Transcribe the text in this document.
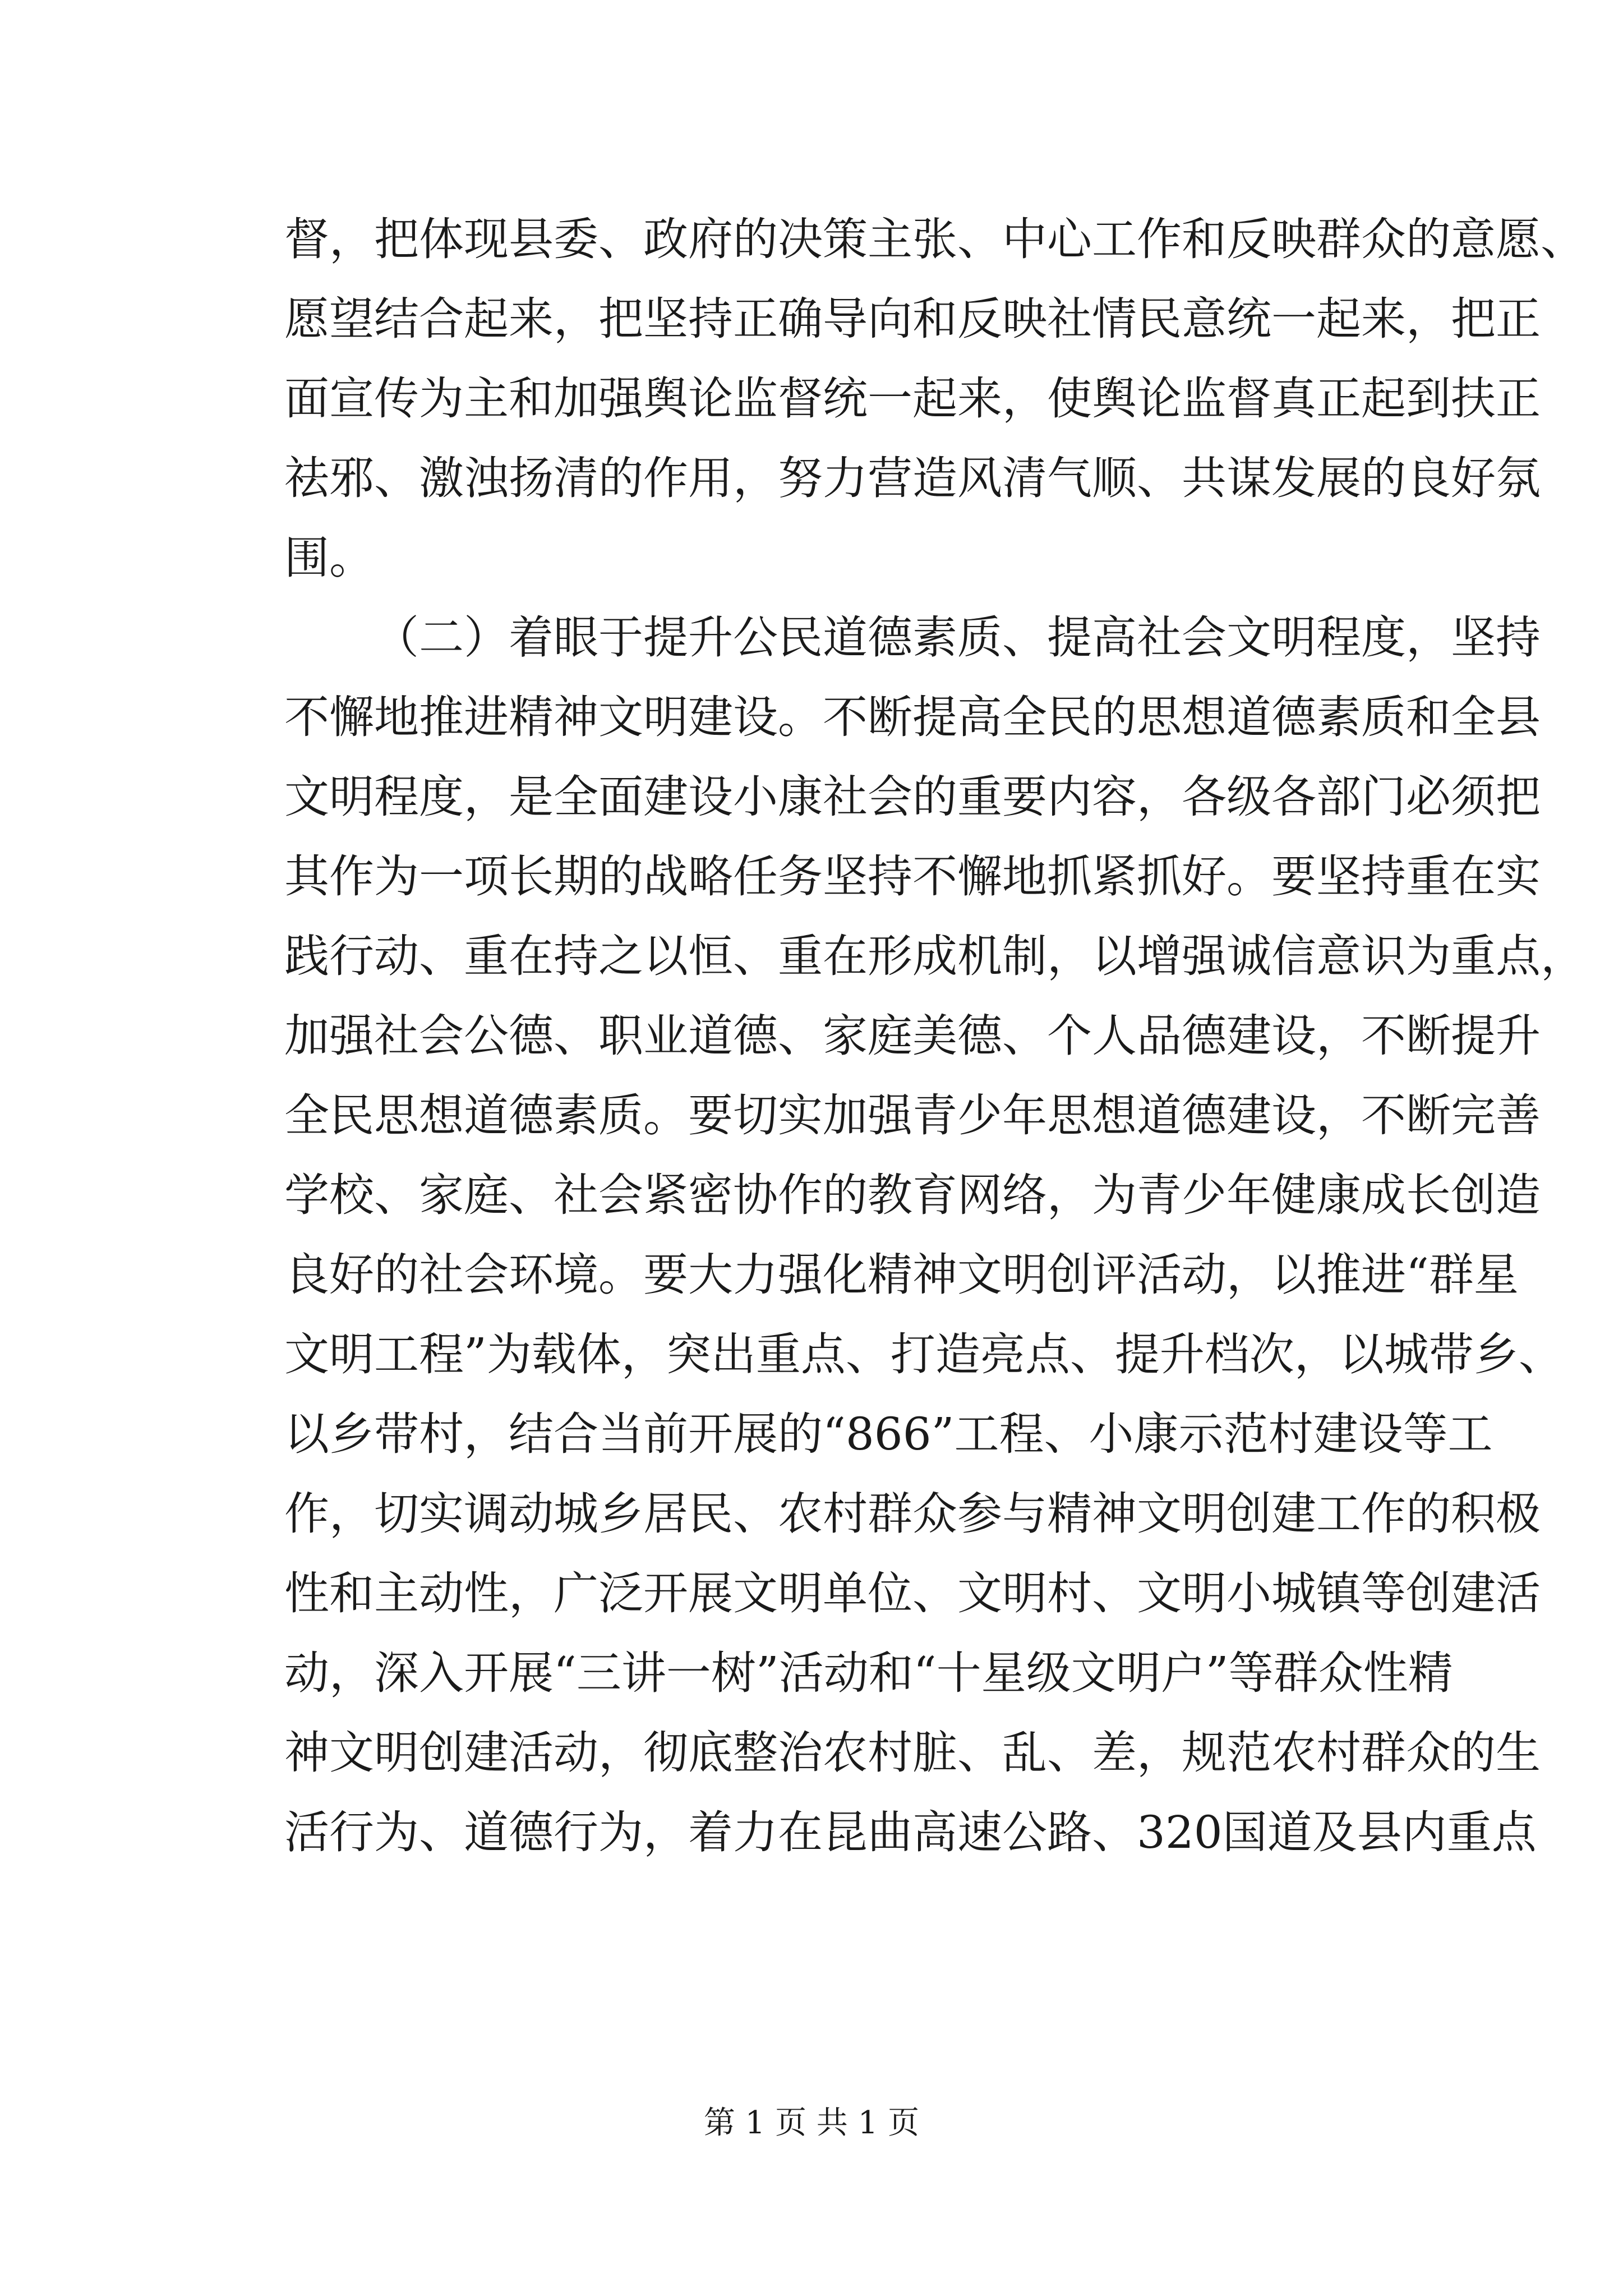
督，把体现县委、政府的决策主张、中心工作和反映群众的意愿、
愿望结合起来，把坚持正确导向和反映社情民意统一起来，把正
面宣传为主和加强舆论监督统一起来，使舆论监督真正起到扶正
祛邪、激浊扬清的作用，努力营造风清气顺、共谋发展的良好氛
围。
（二）着眼于提升公民道德素质、提高社会文明程度，坚持
不懈地推进精神文明建设。不断提高全民的思想道德素质和全县
文明程度，是全面建设小康社会的重要内容，各级各部门必须把
其作为一项长期的战略任务坚持不懈地抓紧抓好。要坚持重在实
践行动、重在持之以恒、重在形成机制，以增强诚信意识为重点，
加强社会公德、职业道德、家庭美德、个人品德建设，不断提升
全民思想道德素质。要切实加强青少年思想道德建设，不断完善
学校、家庭、社会紧密协作的教育网络，为青少年健康成长创造
良好的社会环境。要大力强化精神文明创评活动，以推进“群星
文明工程”为载体，突出重点、打造亮点、提升档次，以城带乡、
以乡带村，结合当前开展的“866”工程、小康示范村建设等工
作，切实调动城乡居民、农村群众参与精神文明创建工作的积极
性和主动性，广泛开展文明单位、文明村、文明小城镇等创建活
动，深入开展“三讲一树”活动和“十星级文明户”等群众性精
神文明创建活动，彻底整治农村脏、乱、差，规范农村群众的生
活行为、道德行为，着力在昆曲高速公路、320国道及县内重点
第 1 页 共 1 页
